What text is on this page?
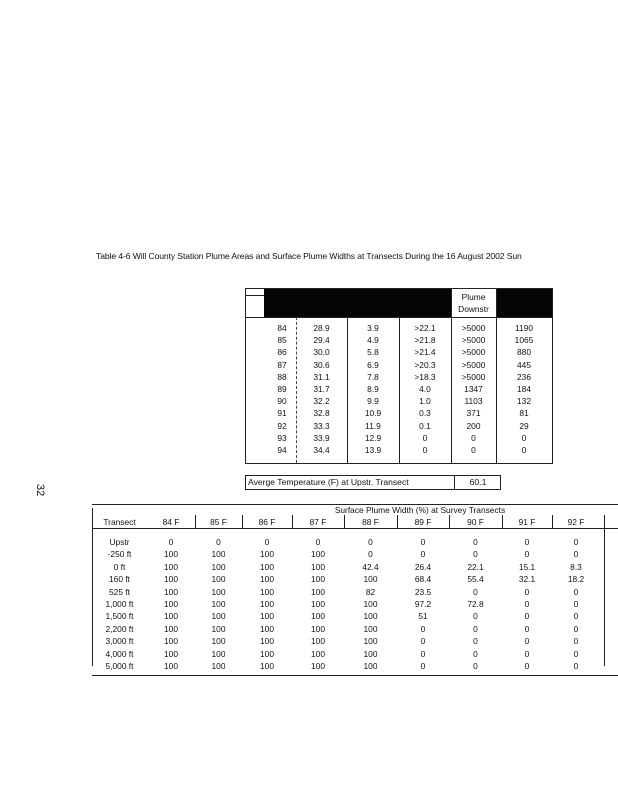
Table 4-6 Will County Station Plume Areas and Surface Plume Widths at Transects During the 16 August 2002 Sun
32
Plume
Downstr
84	28.9	3.9	>22.1	>5000	1190
85	29.4	4.9	>21.8	>5000	1065
86	30.0	5.8	>21.4	>5000	880
87	30.6	6.9	>20.3	>5000	445
88	31.1	7.8	>18.3	>5000	236
89	31.7	8.9	4.0	1347	184
90	32.2	9.9	1.0	1103	132
91	32.8	10.9	0.3	371	81
92	33.3	11.9	0.1	200	29
93	33.9	12.9	0	0	0
94	34.4	13.9	0	0	0
Averge Temperature (F) at Upstr. Transect	60.1
Surface Plume Width (%) at Survey Transects
Transect	84 F	85 F	86 F	87 F	88 F	89 F	90 F	91 F	92 F
Upstr	0	0	0	0	0	0	0	0	0
-250 ft	100	100	100	100	0	0	0	0	0
0 ft	100	100	100	100	42.4	26.4	22.1	15.1	8.3
160 ft	100	100	100	100	100	68.4	55.4	32.1	18.2
525 ft	100	100	100	100	82	23.5	0	0	0
1,000 ft	100	100	100	100	100	97.2	72.8	0	0
1,500 ft	100	100	100	100	100	51	0	0	0
2,200 ft	100	100	100	100	100	0	0	0	0
3,000 ft	100	100	100	100	100	0	0	0	0
4,000 ft	100	100	100	100	100	0	0	0	0
5,000 ft	100	100	100	100	100	0	0	0	0
